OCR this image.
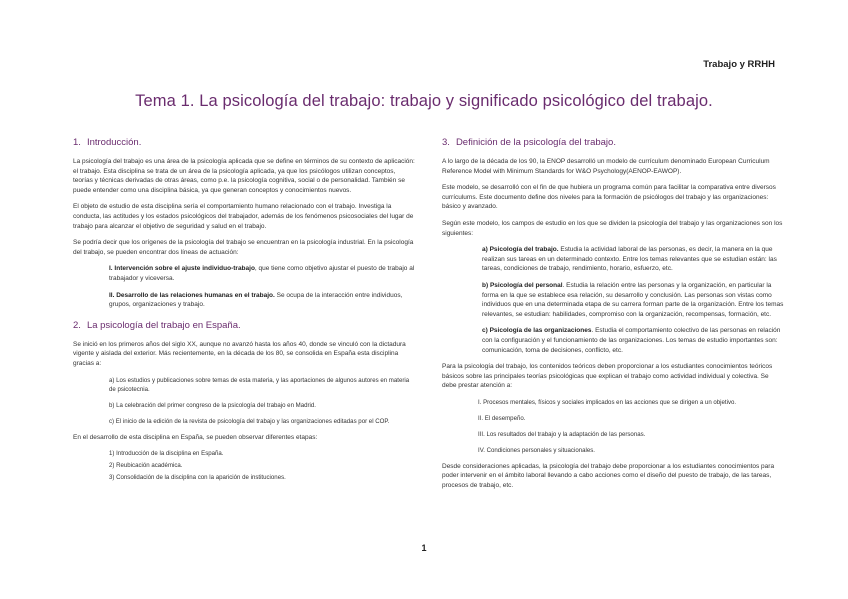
Trabajo y RRHH
Tema 1. La psicología del trabajo: trabajo y significado psicológico del trabajo.
1. Introducción.

La psicología del trabajo es una área de la psicología aplicada que se define en términos de su contexto de aplicación: el trabajo. Esta disciplina se trata de un área de la psicología aplicada, ya que los psicólogos utilizan conceptos, teorías y técnicas derivadas de otras áreas, como p.e. la psicología cognitiva, social o de personalidad. También se puede entender como una disciplina básica, ya que generan conceptos y conocimientos nuevos.

El objeto de estudio de esta disciplina sería el comportamiento humano relacionado con el trabajo. Investiga la conducta, las actitudes y los estados psicológicos del trabajador, además de los fenómenos psicosociales del lugar de trabajo para alcanzar el objetivo de seguridad y salud en el trabajo.

Se podría decir que los orígenes de la psicología del trabajo se encuentran en la psicología industrial. En la psicología del trabajo, se pueden encontrar dos líneas de actuación:

I. Intervención sobre el ajuste individuo-trabajo, que tiene como objetivo ajustar el puesto de trabajo al trabajador y viceversa.

II. Desarrollo de las relaciones humanas en el trabajo. Se ocupa de la interacción entre individuos, grupos, organizaciones y trabajo.

2. La psicología del trabajo en España.

Se inició en los primeros años del siglo XX, aunque no avanzó hasta los años 40, donde se vinculó con la dictadura vigente y aislada del exterior. Más recientemente, en la década de los 80, se consolida en España esta disciplina gracias a:

a) Los estudios y publicaciones sobre temas de esta materia, y las aportaciones de algunos autores en materia de psicotecnia.

b) La celebración del primer congreso de la psicología del trabajo en Madrid.

c) El inicio de la edición de la revista de psicología del trabajo y las organizaciones editadas por el COP.

En el desarrollo de esta disciplina en España, se pueden observar diferentes etapas:

1) Introducción de la disciplina en España.

2) Reubicación académica.

3) Consolidación de la disciplina con la aparición de instituciones.

3. Definición de la psicología del trabajo.

A lo largo de la década de los 90, la ENOP desarrolló un modelo de currículum denominado European Curriculum Reference Model with Minimum Standards for W&O Psychology(AENOP-EAWOP).

Este modelo, se desarrolló con el fin de que hubiera un programa común para facilitar la comparativa entre diversos currículums. Este documento define dos niveles para la formación de psicólogos del trabajo y las organizaciones: básico y avanzado.

Según este modelo, los campos de estudio en los que se dividen la psicología del trabajo y las organizaciones son los siguientes:

a) Psicología del trabajo. Estudia la actividad laboral de las personas, es decir, la manera en la que realizan sus tareas en un determinado contexto. Entre los temas relevantes que se estudian están: las tareas, condiciones de trabajo, rendimiento, horario, esfuerzo, etc.

b) Psicología del personal. Estudia la relación entre las personas y la organización, en particular la forma en la que se establece esa relación, su desarrollo y conclusión. Las personas son vistas como individuos que en una determinada etapa de su carrera forman parte de la organización. Entre los temas relevantes, se estudian: habilidades, compromiso con la organización, recompensas, formación, etc.

c) Psicología de las organizaciones. Estudia el comportamiento colectivo de las personas en relación con la configuración y el funcionamiento de las organizaciones. Los temas de estudio importantes son: comunicación, toma de decisiones, conflicto, etc.

Para la psicología del trabajo, los contenidos teóricos deben proporcionar a los estudiantes conocimientos teóricos básicos sobre las principales teorías psicológicas que explican el trabajo como actividad individual y colectiva. Se debe prestar atención a:

I. Procesos mentales, físicos y sociales implicados en las acciones que se dirigen a un objetivo.

II. El desempeño.

III. Los resultados del trabajo y la adaptación de las personas.

IV. Condiciones personales y situacionales.

Desde consideraciones aplicadas, la psicología del trabajo debe proporcionar a los estudiantes conocimientos para poder intervenir en el ámbito laboral llevando a cabo acciones como el diseño del puesto de trabajo, de las tareas, procesos de trabajo, etc.

1
